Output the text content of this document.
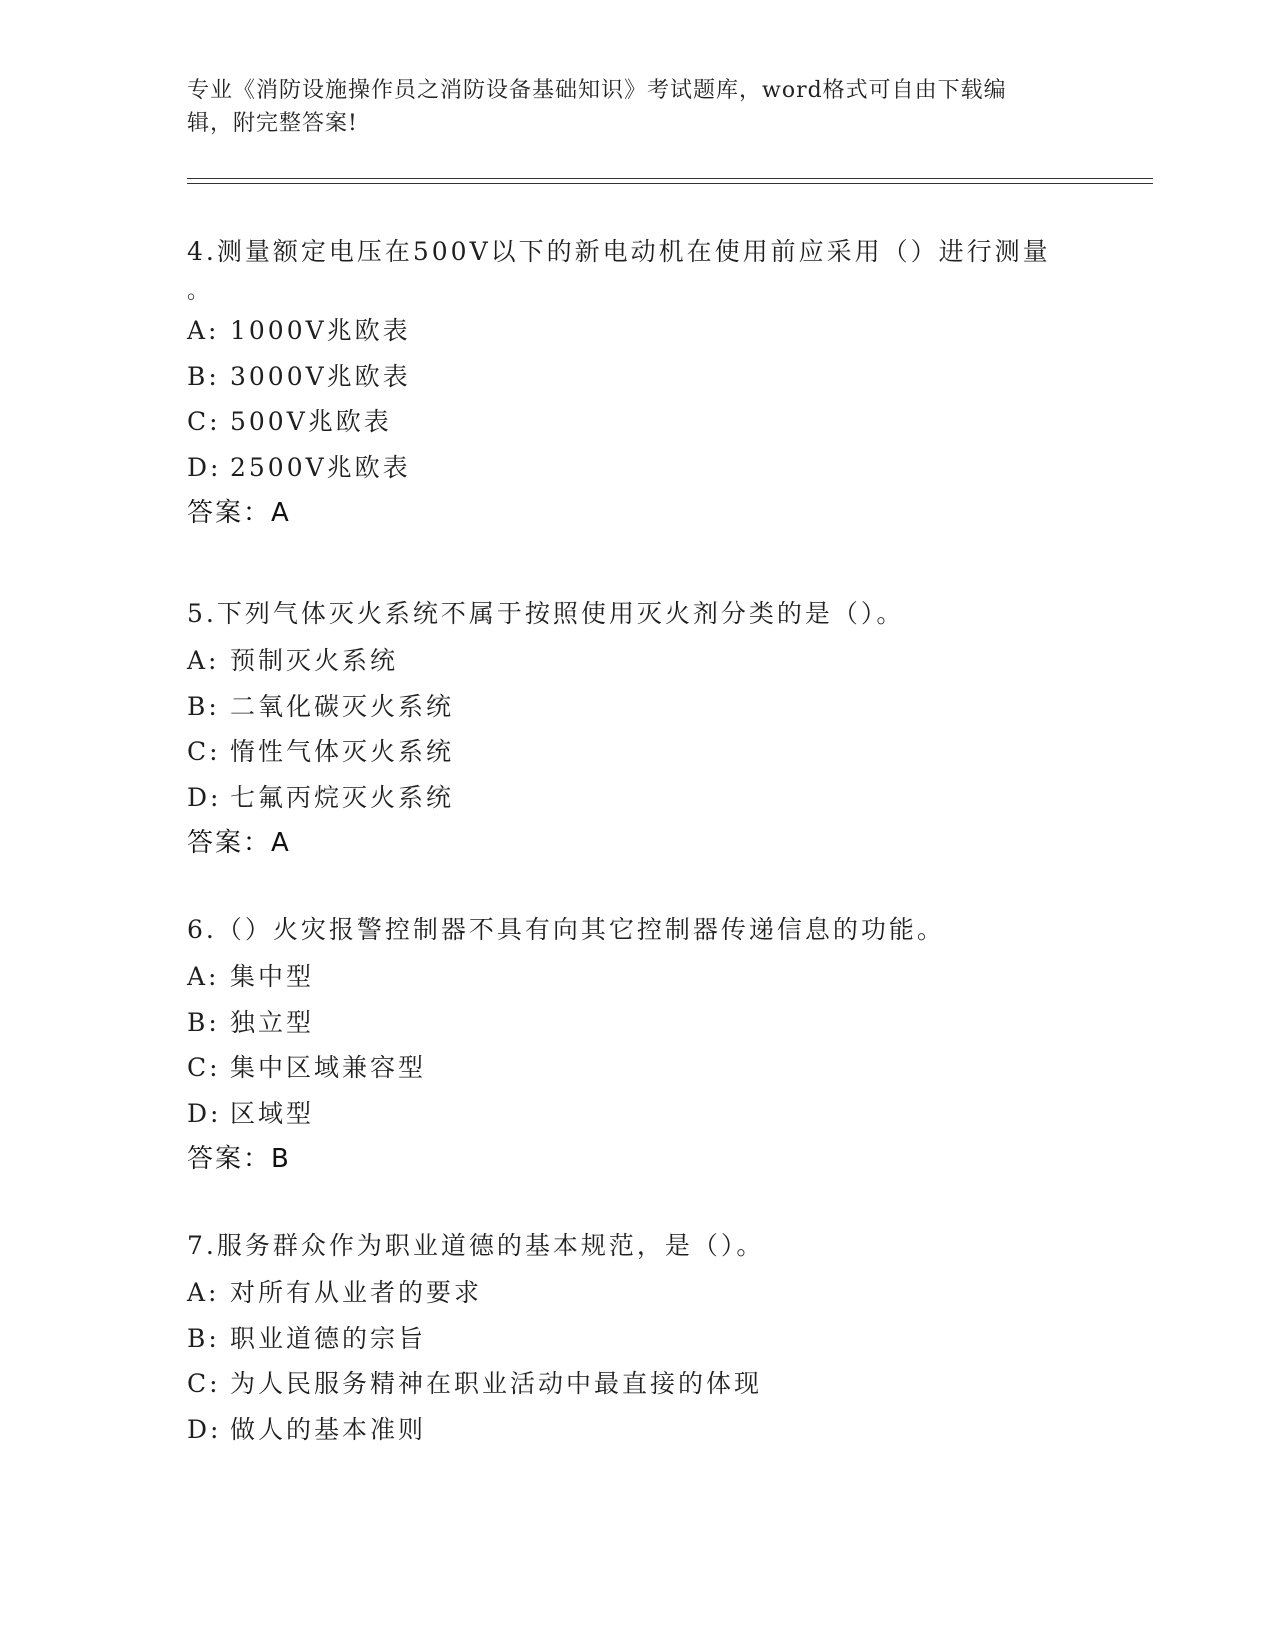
专业《消防设施操作员之消防设备基础知识》考试题库，word格式可自由下载编
辑，附完整答案!
4.测量额定电压在500V以下的新电动机在使用前应采用（）进行测量
。
A: 1000V兆欧表
B: 3000V兆欧表
C: 500V兆欧表
D: 2500V兆欧表
答案：A
5.下列气体灭火系统不属于按照使用灭火剂分类的是（）。
A: 预制灭火系统
B: 二氧化碳灭火系统
C: 惰性气体灭火系统
D: 七氟丙烷灭火系统
答案：A
6.（）火灾报警控制器不具有向其它控制器传递信息的功能。
A: 集中型
B: 独立型
C: 集中区域兼容型
D: 区域型
答案：B
7.服务群众作为职业道德的基本规范，是（）。
A: 对所有从业者的要求
B: 职业道德的宗旨
C: 为人民服务精神在职业活动中最直接的体现
D: 做人的基本准则
